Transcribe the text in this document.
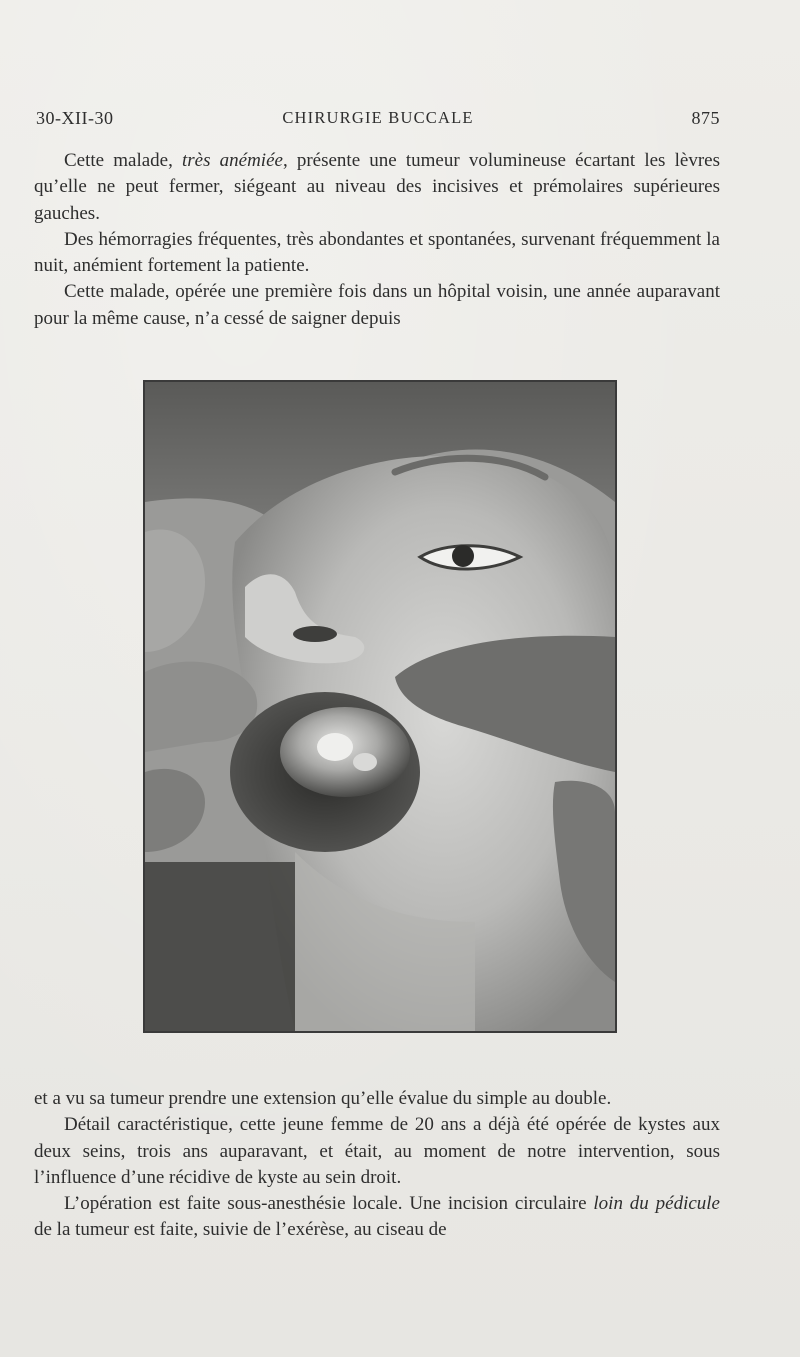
30-XII-30	CHIRURGIE BUCCALE	875

Cette malade, très anémiée, présente une tumeur volumineuse écartant les lèvres qu’elle ne peut fermer, siégeant au niveau des incisives et prémolaires supérieures gauches.

Des hémorragies fréquentes, très abondantes et spontanées, survenant fréquemment la nuit, anémient fortement la patiente.

Cette malade, opérée une première fois dans un hôpital voisin, une année auparavant pour la même cause, n’a cessé de saigner depuis

et a vu sa tumeur prendre une extension qu’elle évalue du simple au double.

Détail caractéristique, cette jeune femme de 20 ans a déjà été opérée de kystes aux deux seins, trois ans auparavant, et était, au moment de notre intervention, sous l’influence d’une récidive de kyste au sein droit.

L’opération est faite sous-anesthésie locale. Une incision circulaire loin du pédicule de la tumeur est faite, suivie de l’exérèse, au ciseau de
